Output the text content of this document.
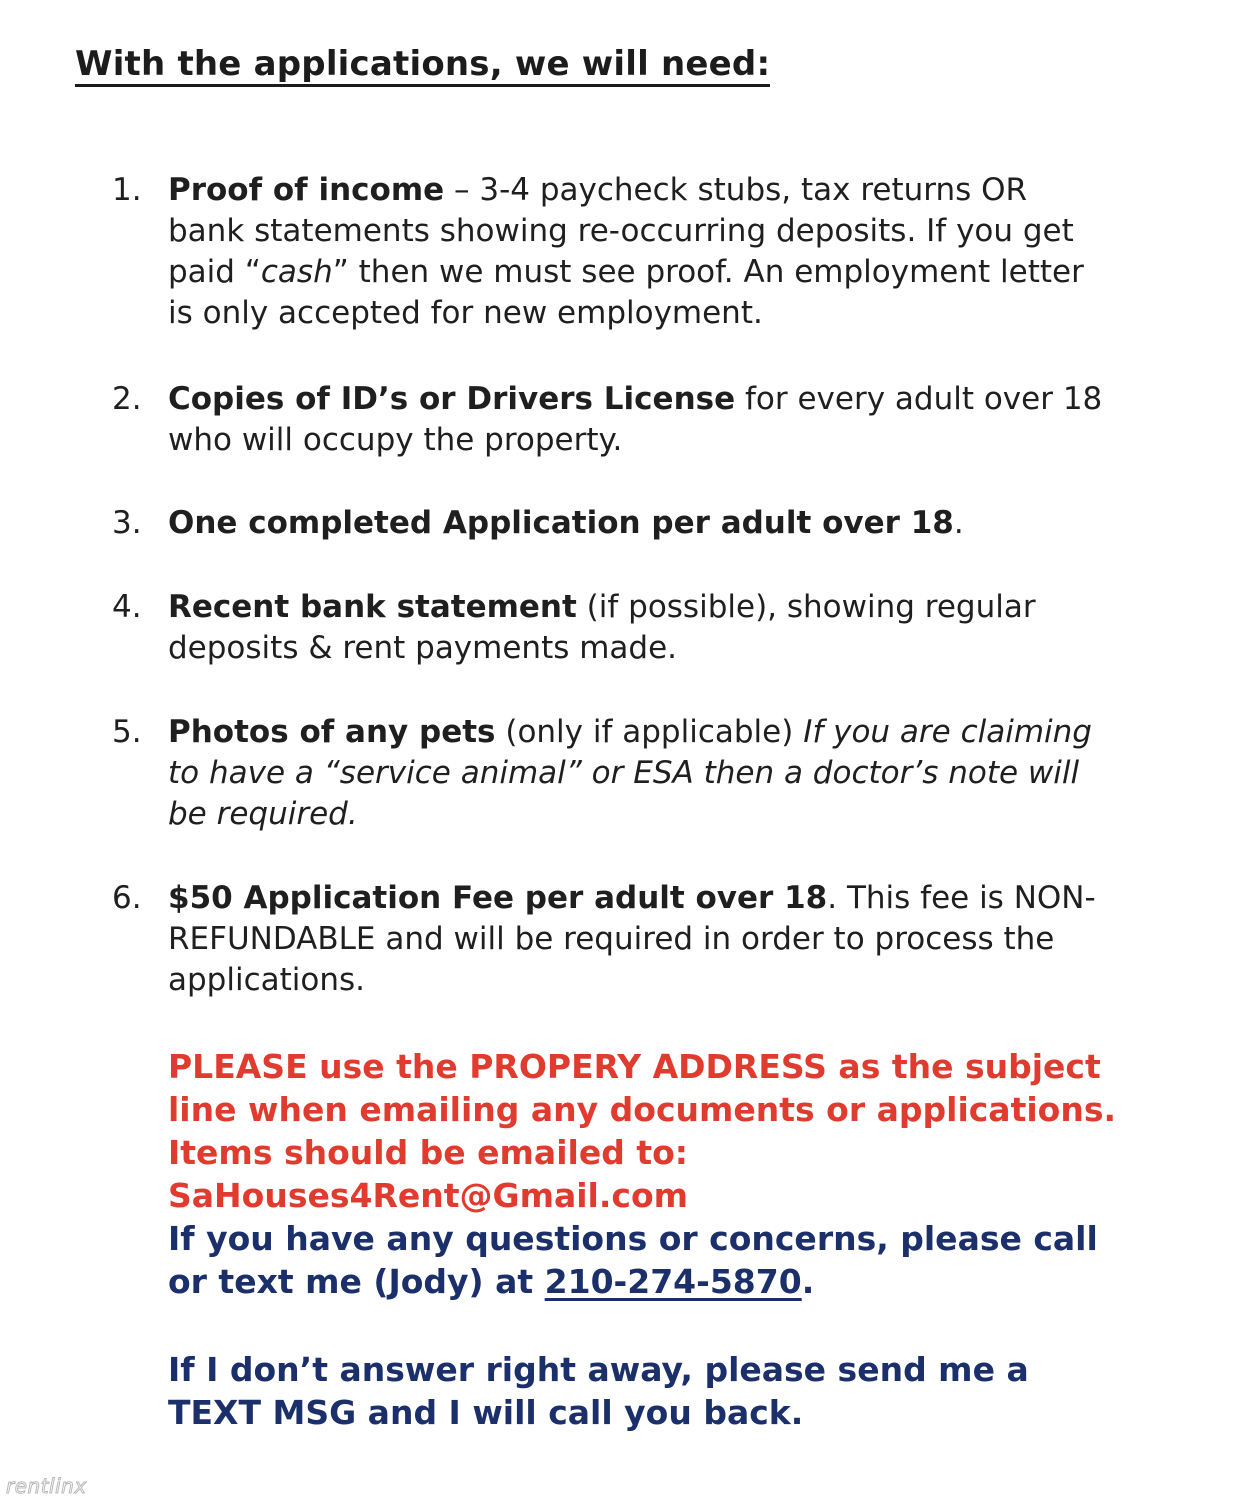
With the applications, we will need:
1. Proof of income – 3-4 paycheck stubs, tax returns OR bank statements showing re-occurring deposits. If you get paid “cash” then we must see proof. An employment letter is only accepted for new employment.
2. Copies of ID’s or Drivers License for every adult over 18 who will occupy the property.
3. One completed Application per adult over 18.
4. Recent bank statement (if possible), showing regular deposits & rent payments made.
5. Photos of any pets (only if applicable) If you are claiming to have a “service animal” or ESA then a doctor’s note will be required.
6. $50 Application Fee per adult over 18. This fee is NON-REFUNDABLE and will be required in order to process the applications.

PLEASE use the PROPERY ADDRESS as the subject line when emailing any documents or applications. Items should be emailed to: SaHouses4Rent@Gmail.com

If you have any questions or concerns, please call or text me (Jody) at 210-274-5870.

If I don’t answer right away, please send me a TEXT MSG and I will call you back.

rentlinx
